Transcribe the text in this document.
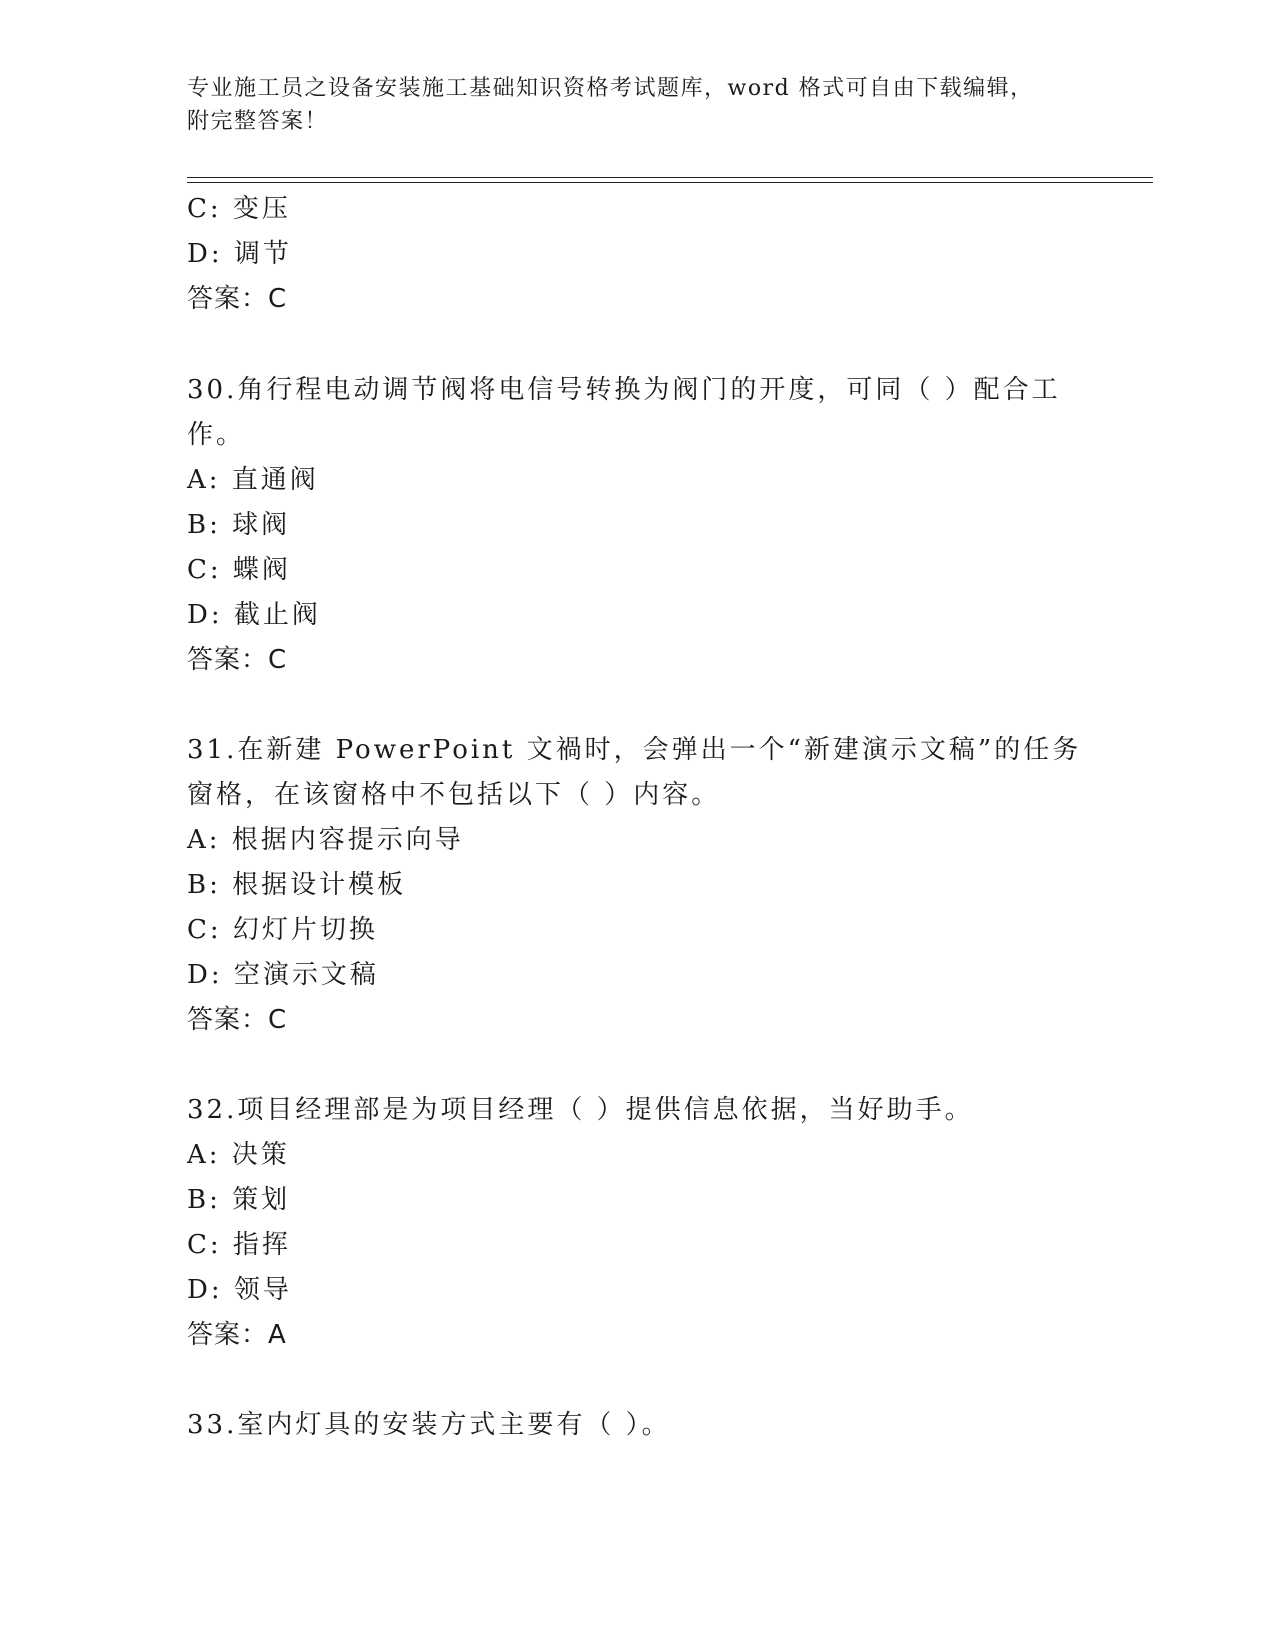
专业施工员之设备安装施工基础知识资格考试题库，word 格式可自由下载编辑，
附完整答案！
C: 变压
D: 调节
答案：C
30.角行程电动调节阀将电信号转换为阀门的开度，可同（ ）配合工
作。
A: 直通阀
B: 球阀
C: 蝶阀
D: 截止阀
答案：C
31.在新建 PowerPoint 文禍时，会弹出一个“新建演示文稿”的任务
窗格，在该窗格中不包括以下（ ）内容。
A: 根据内容提示向导
B: 根据设计模板
C: 幻灯片切换
D: 空演示文稿
答案：C
32.项目经理部是为项目经理（ ）提供信息依据，当好助手。
A: 决策
B: 策划
C: 指挥
D: 领导
答案：A
33.室内灯具的安装方式主要有（ ）。
